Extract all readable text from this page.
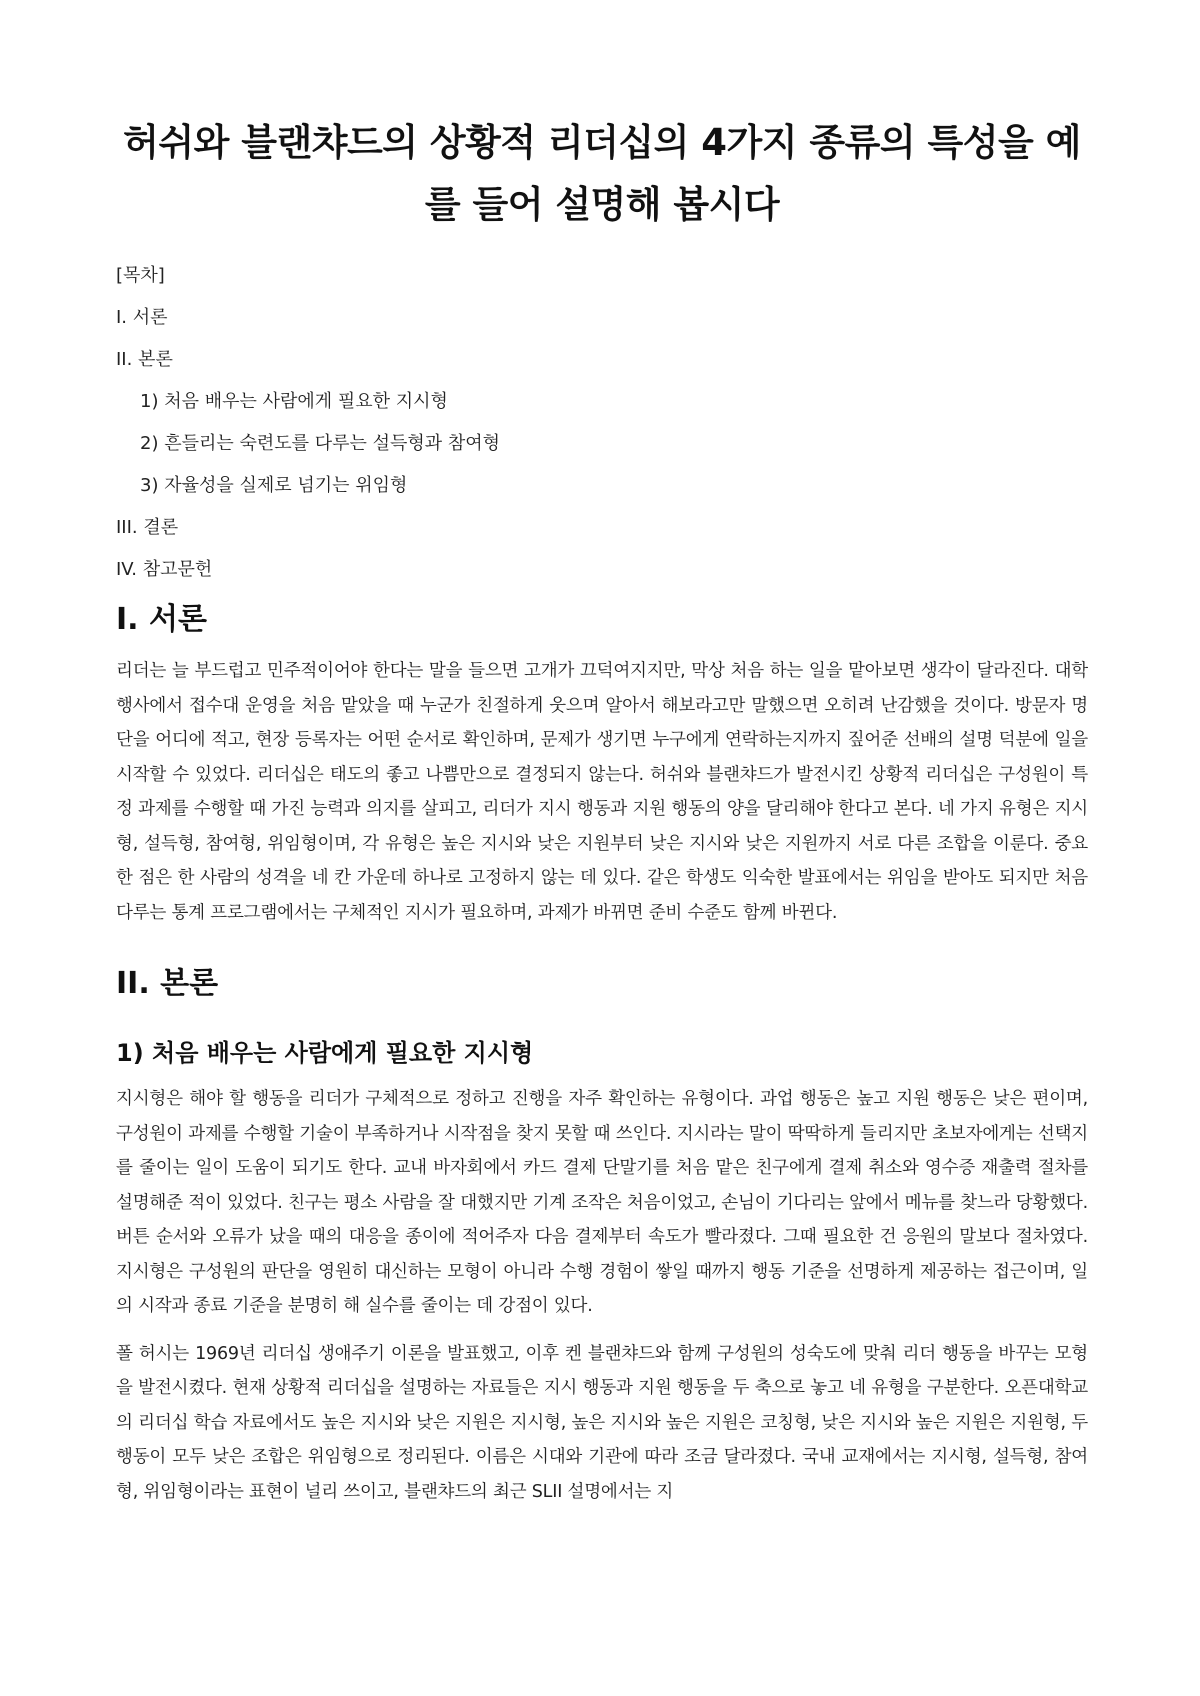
허쉬와 블랜챠드의 상황적 리더십의 4가지 종류의 특성을 예를 들어 설명해 봅시다

[목차]

I. 서론

II. 본론

1) 처음 배우는 사람에게 필요한 지시형

2) 흔들리는 숙련도를 다루는 설득형과 참여형

3) 자율성을 실제로 넘기는 위임형

III. 결론

IV. 참고문헌

I. 서론

리더는 늘 부드럽고 민주적이어야 한다는 말을 들으면 고개가 끄덕여지지만, 막상 처음 하는 일을 맡아보면 생각이 달라진다. 대학 행사에서 접수대 운영을 처음 맡았을 때 누군가 친절하게 웃으며 알아서 해보라고만 말했으면 오히려 난감했을 것이다. 방문자 명단을 어디에 적고, 현장 등록자는 어떤 순서로 확인하며, 문제가 생기면 누구에게 연락하는지까지 짚어준 선배의 설명 덕분에 일을 시작할 수 있었다. 리더십은 태도의 좋고 나쁨만으로 결정되지 않는다. 허쉬와 블랜챠드가 발전시킨 상황적 리더십은 구성원이 특정 과제를 수행할 때 가진 능력과 의지를 살피고, 리더가 지시 행동과 지원 행동의 양을 달리해야 한다고 본다. 네 가지 유형은 지시형, 설득형, 참여형, 위임형이며, 각 유형은 높은 지시와 낮은 지원부터 낮은 지시와 낮은 지원까지 서로 다른 조합을 이룬다. 중요한 점은 한 사람의 성격을 네 칸 가운데 하나로 고정하지 않는 데 있다. 같은 학생도 익숙한 발표에서는 위임을 받아도 되지만 처음 다루는 통계 프로그램에서는 구체적인 지시가 필요하며, 과제가 바뀌면 준비 수준도 함께 바뀐다.

II. 본론
1) 처음 배우는 사람에게 필요한 지시형

지시형은 해야 할 행동을 리더가 구체적으로 정하고 진행을 자주 확인하는 유형이다. 과업 행동은 높고 지원 행동은 낮은 편이며, 구성원이 과제를 수행할 기술이 부족하거나 시작점을 찾지 못할 때 쓰인다. 지시라는 말이 딱딱하게 들리지만 초보자에게는 선택지를 줄이는 일이 도움이 되기도 한다. 교내 바자회에서 카드 결제 단말기를 처음 맡은 친구에게 결제 취소와 영수증 재출력 절차를 설명해준 적이 있었다. 친구는 평소 사람을 잘 대했지만 기계 조작은 처음이었고, 손님이 기다리는 앞에서 메뉴를 찾느라 당황했다. 버튼 순서와 오류가 났을 때의 대응을 종이에 적어주자 다음 결제부터 속도가 빨라졌다. 그때 필요한 건 응원의 말보다 절차였다. 지시형은 구성원의 판단을 영원히 대신하는 모형이 아니라 수행 경험이 쌓일 때까지 행동 기준을 선명하게 제공하는 접근이며, 일의 시작과 종료 기준을 분명히 해 실수를 줄이는 데 강점이 있다.

폴 허시는 1969년 리더십 생애주기 이론을 발표했고, 이후 켄 블랜챠드와 함께 구성원의 성숙도에 맞춰 리더 행동을 바꾸는 모형을 발전시켰다. 현재 상황적 리더십을 설명하는 자료들은 지시 행동과 지원 행동을 두 축으로 놓고 네 유형을 구분한다. 오픈대학교의 리더십 학습 자료에서도 높은 지시와 낮은 지원은 지시형, 높은 지시와 높은 지원은 코칭형, 낮은 지시와 높은 지원은 지원형, 두 행동이 모두 낮은 조합은 위임형으로 정리된다. 이름은 시대와 기관에 따라 조금 달라졌다. 국내 교재에서는 지시형, 설득형, 참여형, 위임형이라는 표현이 널리 쓰이고, 블랜챠드의 최근 SLII 설명에서는 지
